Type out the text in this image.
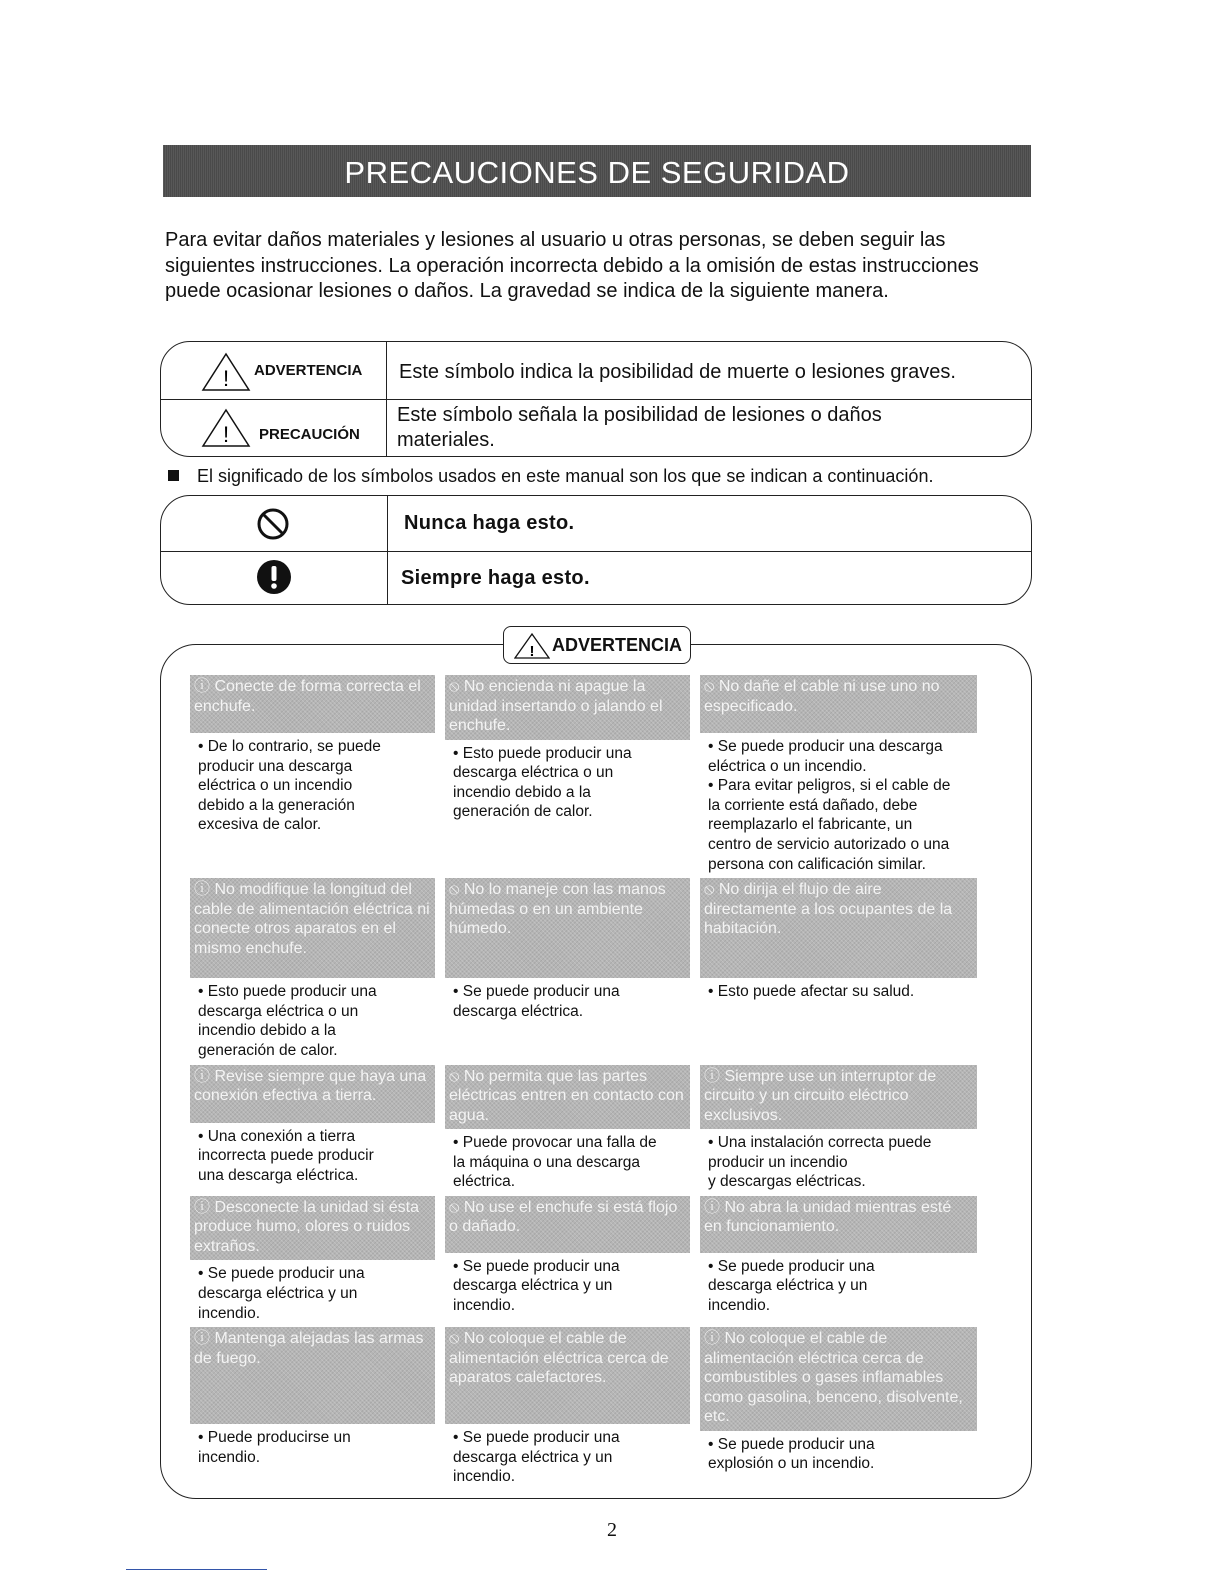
PRECAUCIONES DE SEGURIDAD
Para evitar daños materiales y lesiones al usuario u otras personas, se deben seguir las siguientes instrucciones. La operación incorrecta debido a la omisión de estas instrucciones puede ocasionar lesiones o daños. La gravedad se indica de la siguiente manera.
! ADVERTENCIA Este símbolo indica la posibilidad de muerte o lesiones graves.
! PRECAUCIÓN
Este símbolo señala la posibilidad de lesiones o daños materiales.
El significado de los símbolos usados en este manual son los que se indican a continuación.
Nunca haga esto.
Siempre haga esto.
! ADVERTENCIA
ⓘ Conecte de forma correcta el enchufe.
• De lo contrario, se puede
producir una descarga
eléctrica o un incendio
debido a la generación
excesiva de calor.
⦸ No encienda ni apague la unidad insertando o jalando el enchufe.
• Esto puede producir una
descarga eléctrica o un
incendio debido a la
generación de calor.
⦸ No dañe el cable ni use uno no especificado.
• Se puede producir una descarga
eléctrica o un incendio.
• Para evitar peligros, si el cable de
la corriente está dañado, debe
reemplazarlo el fabricante, un
centro de servicio autorizado o una
persona con calificación similar.
ⓘ No modifique la longitud del cable de alimentación eléctrica ni conecte otros aparatos en el mismo enchufe.
• Esto puede producir una
descarga eléctrica o un
incendio debido a la
generación de calor.
⦸ No lo maneje con las manos húmedas o en un ambiente húmedo.
• Se puede producir una
descarga eléctrica.
⦸ No dirija el flujo de aire directamente a los ocupantes de la habitación.
• Esto puede afectar su salud.
ⓘ Revise siempre que haya una conexión efectiva a tierra.
• Una conexión a tierra
incorrecta puede producir
una descarga eléctrica.
⦸ No permita que las partes eléctricas entren en contacto con agua.
• Puede provocar una falla de
la máquina o una descarga
eléctrica.
ⓘ Siempre use un interruptor de circuito y un circuito eléctrico exclusivos.
• Una instalación correcta puede
producir un incendio
y descargas eléctricas.
ⓘ Desconecte la unidad si ésta produce humo, olores o ruidos extraños.
• Se puede producir una
descarga eléctrica y un
incendio.
⦸ No use el enchufe si está flojo o dañado.
• Se puede producir una
descarga eléctrica y un
incendio.
ⓘ No abra la unidad mientras esté en funcionamiento.
• Se puede producir una
descarga eléctrica y un
incendio.
ⓘ Mantenga alejadas las armas de fuego.
• Puede producirse un
incendio.
⦸ No coloque el cable de alimentación eléctrica cerca de aparatos calefactores.
• Se puede producir una
descarga eléctrica y un
incendio.
ⓘ No coloque el cable de alimentación eléctrica cerca de combustibles o gases inflamables como gasolina, benceno, disolvente, etc.
• Se puede producir una
explosión o un incendio.
2
